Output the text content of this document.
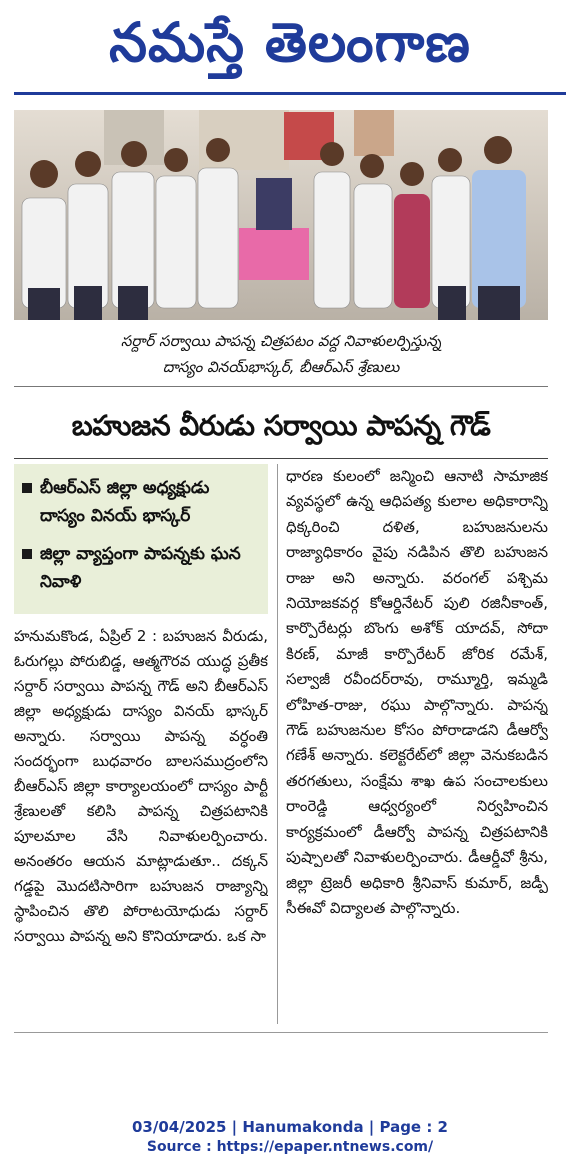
నమస్తే తెలంగాణ
సర్దార్ సర్వాయి పాపన్న చిత్రపటం వద్ద నివాళులర్పిస్తున్న
దాస్యం వినయ్‌భాస్కర్, బీఆర్‌ఎస్ శ్రేణులు
బహుజన వీరుడు సర్వాయి పాపన్న గౌడ్
బీఆర్‌ఎస్ జిల్లా అధ్యక్షుడు దాస్యం వినయ్ భాస్కర్
జిల్లా వ్యాప్తంగా పాపన్నకు ఘన నివాళి
హనుమకొండ, ఏప్రిల్ 2 : బహుజన వీరుడు, ఓరుగల్లు పోరుబిడ్డ, ఆత్మగౌరవ యుద్ధ ప్రతీక సర్దార్ సర్వాయి పాపన్న గౌడ్ అని బీఆర్‌ఎస్ జిల్లా అధ్యక్షుడు దాస్యం వినయ్ భాస్కర్ అన్నారు. సర్వాయి పాపన్న వర్ధంతి సందర్భంగా బుధవారం బాలసముద్రంలోని బీఆర్‌ఎస్ జిల్లా కార్యాలయంలో దాస్యం పార్టీ శ్రేణులతో కలిసి పాపన్న చిత్రపటానికి పూలమాల వేసి నివాళులర్పించారు. అనంతరం ఆయన మాట్లాడుతూ.. దక్కన్ గడ్డపై మొదటిసారిగా బహుజన రాజ్యాన్ని స్థాపించిన తొలి పోరాటయోధుడు సర్దార్ సర్వాయి పాపన్న అని కొనియాడారు. ఒక సా
ధారణ కులంలో జన్మించి ఆనాటి సామాజిక వ్యవస్థలో ఉన్న ఆధిపత్య కులాల అధికారాన్ని ధిక్కరించి దళిత, బహుజనులను రాజ్యాధికారం వైపు నడిపిన తొలి బహుజన రాజు అని అన్నారు. వరంగల్ పశ్చిమ నియోజకవర్గ కోఆర్డినేటర్ పులి రజినీకాంత్, కార్పొరేటర్లు బొంగు అశోక్ యాదవ్, సోదా కిరణ్, మాజీ కార్పొరేటర్ జోరిక రమేశ్, సల్వాజీ రవీందర్‌రావు, రామ్మూర్తి, ఇమ్మడి లోహిత-రాజు, రఘు పాల్గొన్నారు. పాపన్న గౌడ్ బహుజనుల కోసం పోరాడాడని డీఆర్వో గణేశ్ అన్నారు. కలెక్టరేట్‌లో జిల్లా వెనుకబడిన తరగతులు, సంక్షేమ శాఖ ఉప సంచాలకులు రాంరెడ్డి ఆధ్వర్యంలో నిర్వహించిన కార్యక్రమంలో డీఆర్వో పాపన్న చిత్రపటానికి పుష్పాలతో నివాళులర్పించారు. డీఆర్డీవో శ్రీను, జిల్లా ట్రెజరీ అధికారి శ్రీనివాస్ కుమార్, జడ్పీ సీఈవో విద్యాలత పాల్గొన్నారు.
03/04/2025 | Hanumakonda | Page : 2
Source : https://epaper.ntnews.com/
